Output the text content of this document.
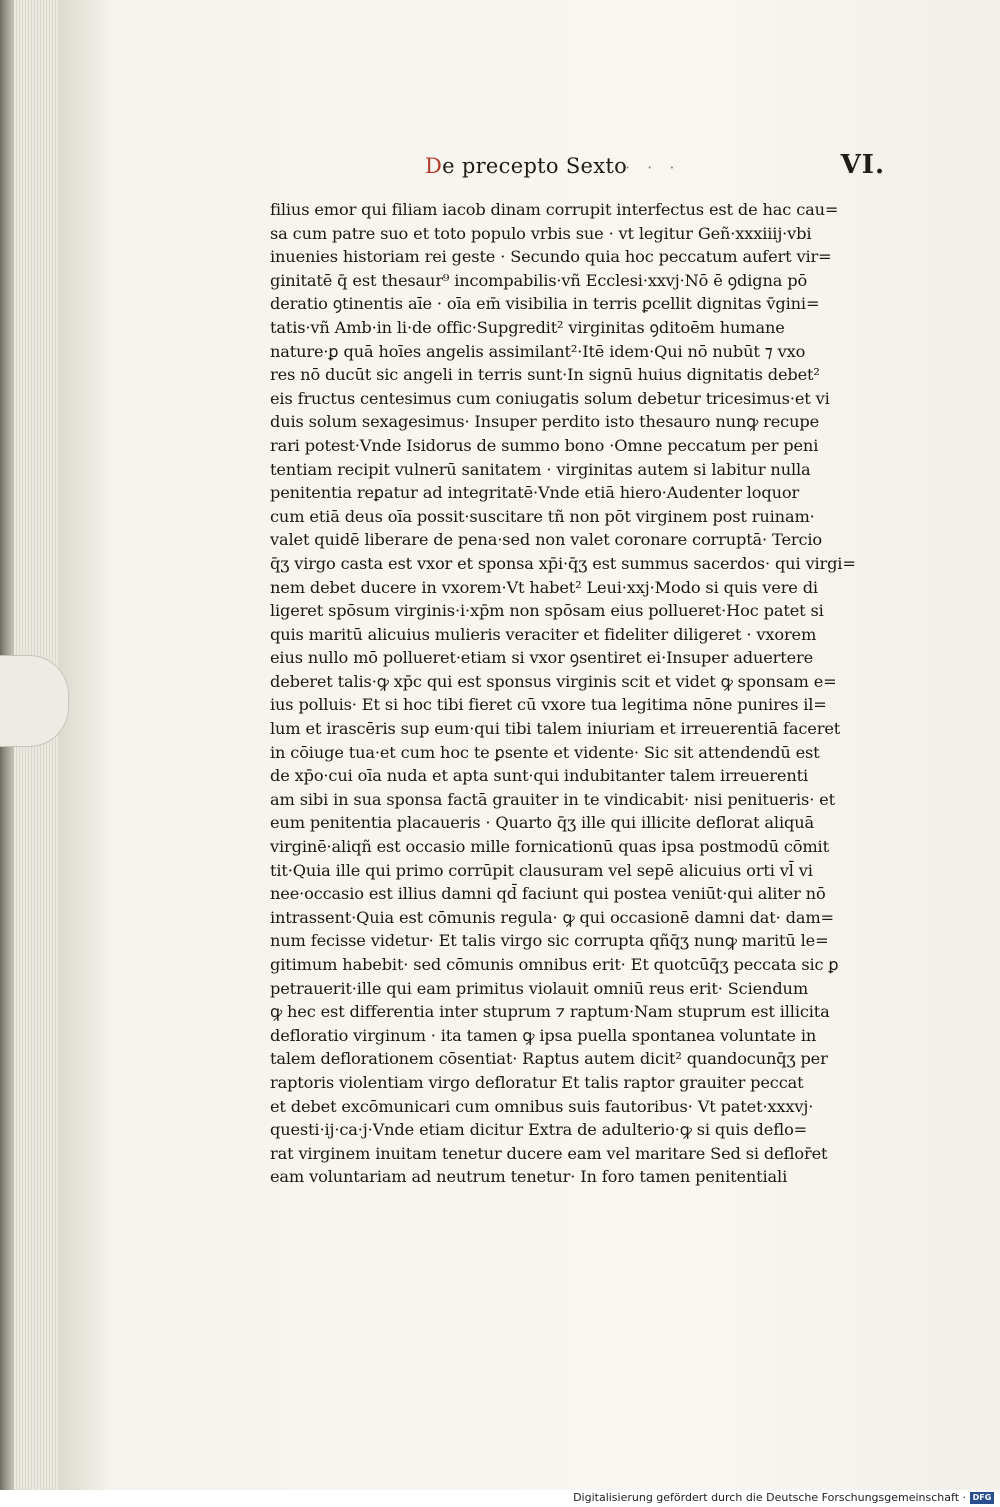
De precepto Sexto
· · ·	VI.
filius emor qui filiam iacob dinam corrupit interfectus est de hac cau=
sa cum patre suo et toto populo vrbis sue · vt legitur Geñ·xxxiiij·vbi
inuenies historiam rei geste · Secundo quia hoc peccatum aufert vir=
ginitatē q̄ est thesaur⁹ incompabilis·vñ Ecclesi·xxvj·Nō ē ꝯdigna pō
deratio ꝯtinentis aīe · oīa em̄ visibilia in terris ꝑcellit dignitas v̄gini=
tatis·vñ Amb·in li·de offic·Supgredit² virginitas ꝯditoēm humane
nature·ꝑ quā hoīes angelis assimilant²·Itē idem·Qui nō nubūt ⁊ vxo
res nō ducūt sic angeli in terris sunt·In signū huius dignitatis debet²
eis fructus centesimus cum coniugatis solum debetur tricesimus·et vi
duis solum sexagesimus· Insuper perdito isto thesauro nunꝙ recupe
rari potest·Vnde Isidorus de summo bono ·Omne peccatum per peni
tentiam recipit vulnerū sanitatem · virginitas autem si labitur nulla
penitentia reꝑatur ad integritatē·Vnde etiā hiero·Audenter loquor
cum etiā deus oīa possit·suscitare tñ non pōt virginem post ruinam·
valet quidē liberare de pena·sed non valet coronare corruptā· Tercio
q̄ʒ virgo casta est vxor et sponsa xp̄i·q̄ʒ est summus sacerdos· qui virgi=
nem debet ducere in vxorem·Vt habet² Leui·xxj·Modo si quis vere di
ligeret spōsum virginis·i·xp̄m non spōsam eius pollueret·Hoc patet si
quis maritū alicuius mulieris veraciter et fideliter diligeret · vxorem
eius nullo mō pollueret·etiam si vxor ꝯsentiret ei·Insuper aduertere
deberet talis·ꝙ xp̄c qui est sponsus virginis scit et videt ꝙ sponsam e=
ius polluis· Et si hoc tibi fieret cū vxore tua legitima nōne punires il=
lum et irascēris sup eum·qui tibi talem iniuriam et irreuerentiā faceret
in cōiuge tua·et cum hoc te ꝑsente et vidente· Sic sit attendendū est
de xp̄o·cui oīa nuda et apta sunt·qui indubitanter talem irreuerenti
am sibi in sua sponsa factā grauiter in te vindicabit· nisi penitueris· et
eum penitentia placaueris · Quarto q̄ʒ ille qui illicite deflorat aliquā
virginē·aliqñ est occasio mille fornicationū quas ipsa postmodū cōmit
tit·Quia ille qui primo corrūpit clausuram vel sepē alicuius orti vl̄ vi
nee·occasio est illius damni qd̄ faciunt qui postea veniūt·qui aliter nō
intrassent·Quia est cōmunis regula· ꝙ qui occasionē damni dat· dam=
num fecisse videtur· Et talis virgo sic corrupta qñq̄ʒ nunꝙ maritū le=
gitimum habebit· sed cōmunis omnibus erit· Et quotcūq̄ʒ peccata sic ꝑ
petrauerit·ille qui eam primitus violauit omniū reus erit· Sciendum
ꝙ hec est differentia inter stuprum ⁊ raptum·Nam stuprum est illicita
defloratio virginum · ita tamen ꝙ ipsa puella spontanea voluntate in
talem deflorationem cōsentiat· Raptus autem dicit² quandocunq̄ʒ per
raptoris violentiam virgo defloratur Et talis raptor grauiter peccat
et debet excōmunicari cum omnibus suis fautoribus· Vt patet·xxxvj·
questi·ij·ca·j·Vnde etiam dicitur Extra de adulterio·ꝙ si quis deflo=
rat virginem inuitam tenetur ducere eam vel maritare Sed si deflor̄et
eam voluntariam ad neutrum tenetur· In foro tamen penitentiali
Digitalisierung gefördert durch die Deutsche Forschungsgemeinschaft · DFG
